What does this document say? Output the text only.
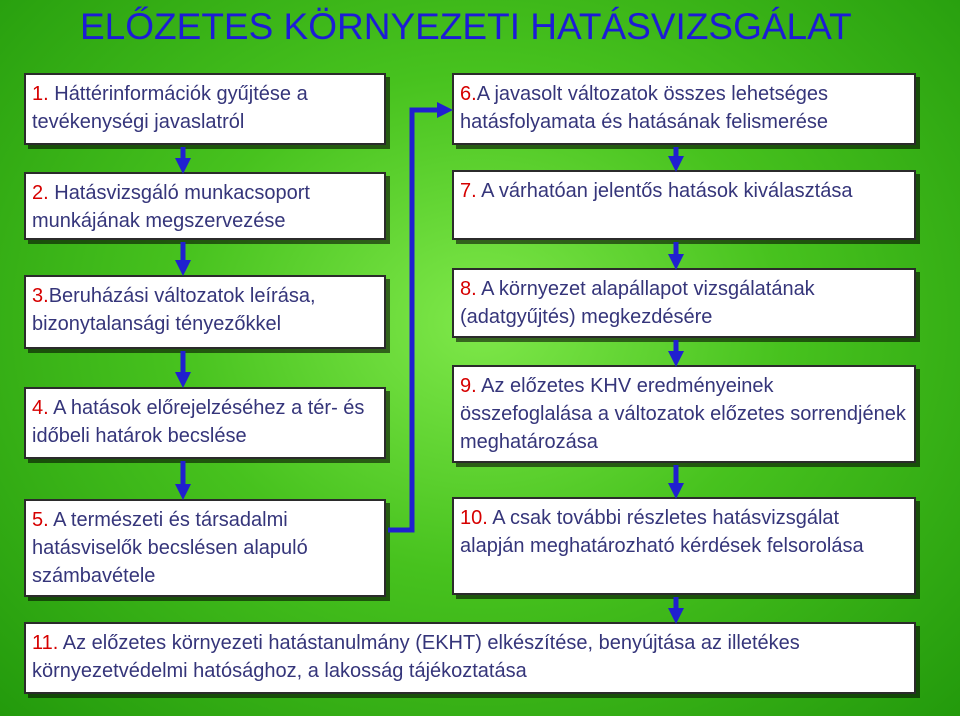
ELŐZETES KÖRNYEZETI HATÁSVIZSGÁLAT
1. Háttérinformációk gyűjtése a tevékenységi javaslatról
2. Hatásvizsgáló munkacsoport munkájának megszervezése
3.Beruházási változatok leírása, bizonytalansági tényezőkkel
4. A hatások előrejelzéséhez a tér- és időbeli határok becslése
5. A természeti és társadalmi hatásviselők becslésen alapuló számbavétele
6.A javasolt változatok összes lehetséges hatásfolyamata és hatásának felismerése
7. A várhatóan jelentős hatások kiválasztása
8. A környezet alapállapot vizsgálatának (adatgyűjtés) megkezdésére
9. Az előzetes KHV eredményeinek összefoglalása a változatok előzetes sorrendjének meghatározása
10. A csak további részletes hatásvizsgálat alapján meghatározható kérdések felsorolása
11. Az előzetes környezeti hatástanulmány (EKHT) elkészítése, benyújtása az illetékes környezetvédelmi hatósághoz, a lakosság tájékoztatása
